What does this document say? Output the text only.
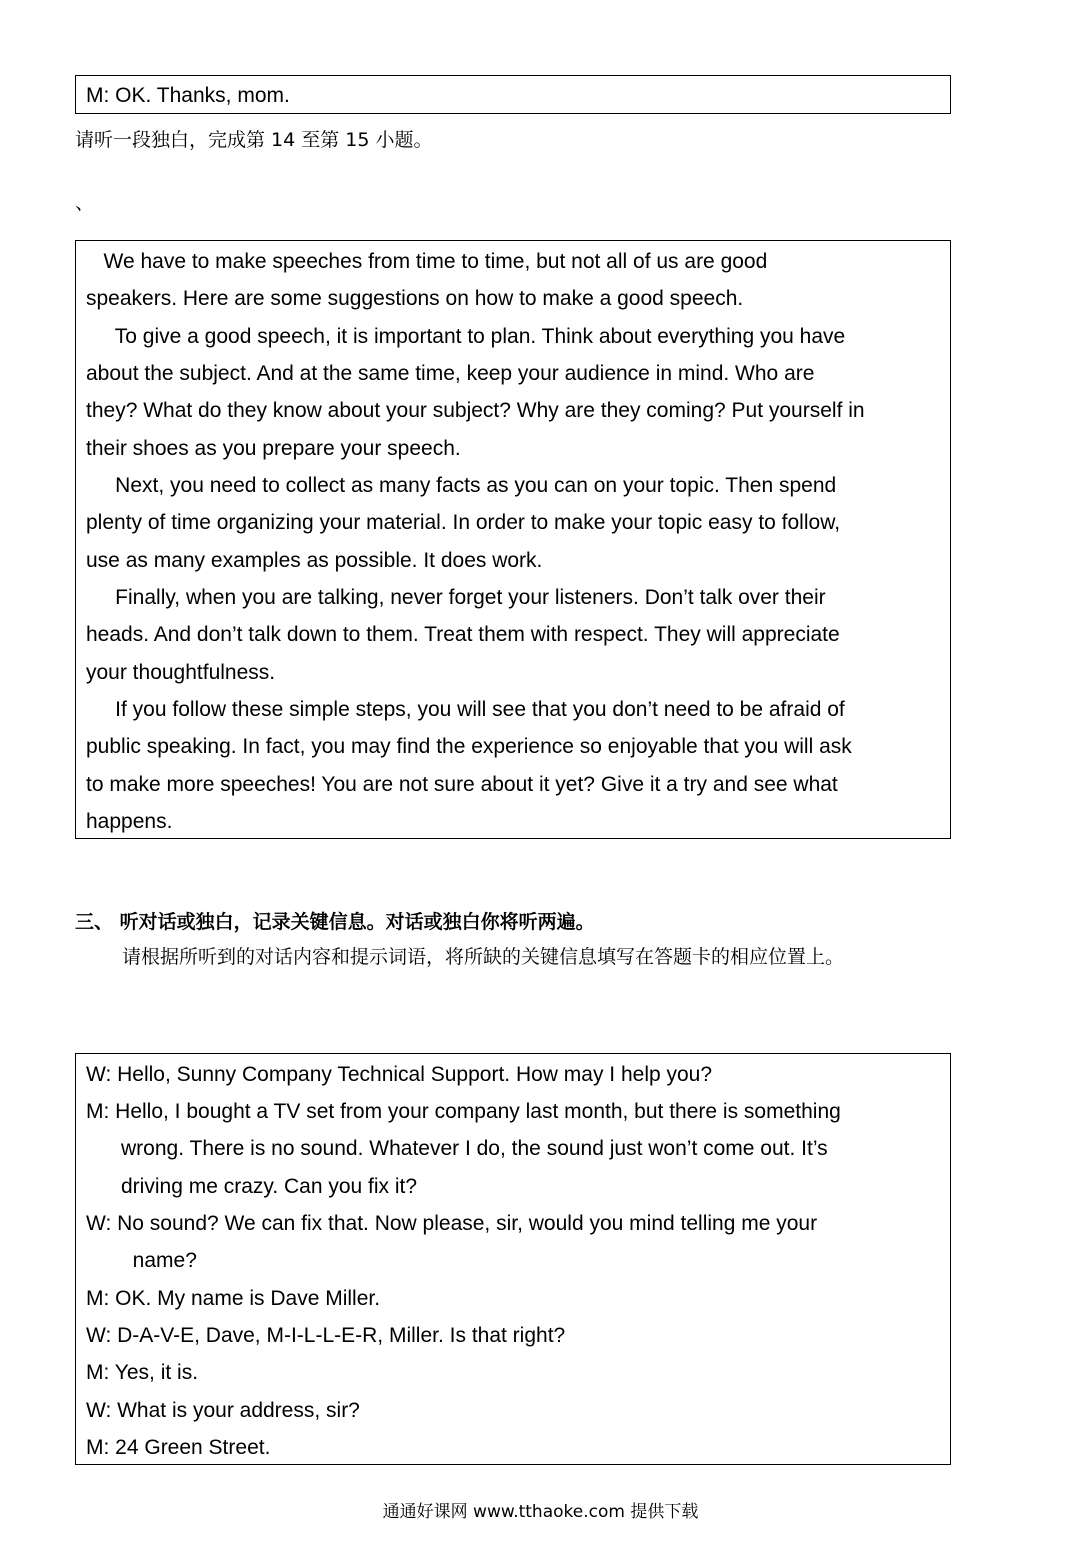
M: OK. Thanks, mom.
请听一段独白，完成第 14 至第 15 小题。
、
We have to make speeches from time to time, but not all of us are good
speakers. Here are some suggestions on how to make a good speech.
To give a good speech, it is important to plan. Think about everything you have
about the subject. And at the same time, keep your audience in mind. Who are
they? What do they know about your subject? Why are they coming? Put yourself in
their shoes as you prepare your speech.
Next, you need to collect as many facts as you can on your topic. Then spend
plenty of time organizing your material. In order to make your topic easy to follow,
use as many examples as possible. It does work.
Finally, when you are talking, never forget your listeners. Don’t talk over their
heads. And don’t talk down to them. Treat them with respect. They will appreciate
your thoughtfulness.
If you follow these simple steps, you will see that you don’t need to be afraid of
public speaking. In fact, you may find the experience so enjoyable that you will ask
to make more speeches! You are not sure about it yet? Give it a try and see what
happens.
三、 听对话或独白，记录关键信息。对话或独白你将听两遍。
请根据所听到的对话内容和提示词语，将所缺的关键信息填写在答题卡的相应位置上。
W: Hello, Sunny Company Technical Support. How may I help you?
M: Hello, I bought a TV set from your company last month, but there is something
wrong. There is no sound. Whatever I do, the sound just won’t come out. It’s
driving me crazy. Can you fix it?
W: No sound? We can fix that. Now please, sir, would you mind telling me your
name?
M: OK. My name is Dave Miller.
W: D-A-V-E, Dave, M-I-L-L-E-R, Miller. Is that right?
M: Yes, it is.
W: What is your address, sir?
M: 24 Green Street.
通通好课网 www.tthaoke.com 提供下载
